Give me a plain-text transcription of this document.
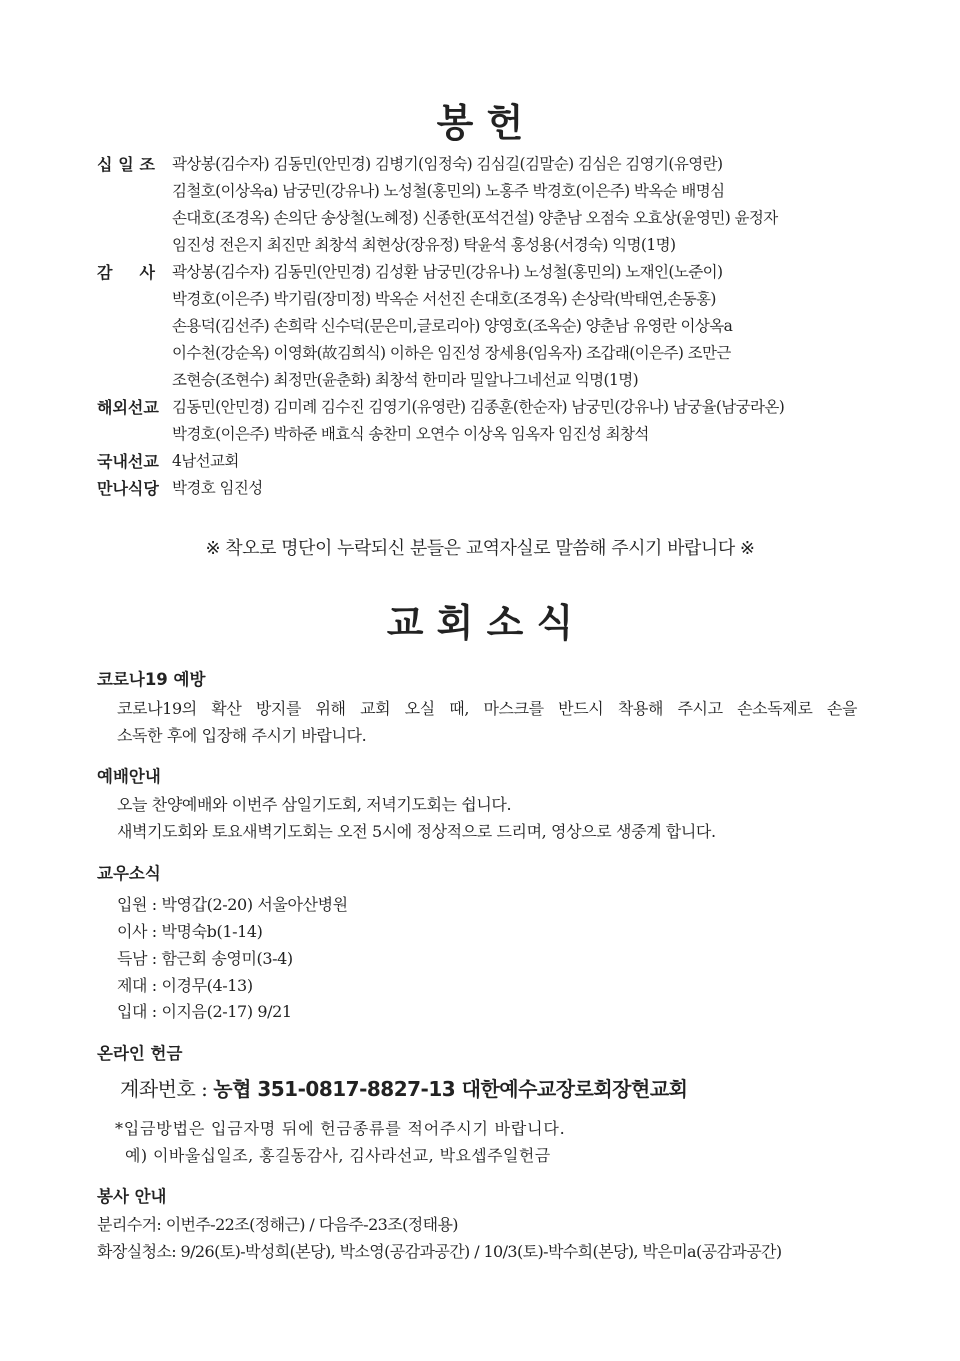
봉 헌
십 일 조 곽상봉(김수자) 김동민(안민경) 김병기(임정숙) 김심길(김말순) 김심은 김영기(유영란)
김철호(이상옥a) 남궁민(강유나) 노성철(홍민의) 노홍주 박경호(이은주) 박옥순 배명심
손대호(조경옥) 손의단 송상철(노혜정) 신종한(포석건설) 양춘남 오점숙 오효상(윤영민) 윤정자
임진성 전은지 최진만 최창석 최현상(장유정) 탁윤석 홍성용(서경숙) 익명(1명)
감 사 곽상봉(김수자) 김동민(안민경) 김성환 남궁민(강유나) 노성철(홍민의) 노재인(노준이)
박경호(이은주) 박기림(장미정) 박옥순 서선진 손대호(조경옥) 손상락(박태연,손동홍)
손용덕(김선주) 손희락 신수덕(문은미,글로리아) 양영호(조옥순) 양춘남 유영란 이상옥a
이수천(강순옥) 이영화(故김희식) 이하은 임진성 장세용(임옥자) 조갑래(이은주) 조만근
조현승(조현수) 최정만(윤춘화) 최창석 한미라 밀알나그네선교 익명(1명)
해외선교 김동민(안민경) 김미례 김수진 김영기(유영란) 김종훈(한순자) 남궁민(강유나) 남궁율(남궁라온)
박경호(이은주) 박하준 배효식 송찬미 오연수 이상옥 임옥자 임진성 최창석
국내선교 4남선교회
만나식당 박경호 임진성
※ 착오로 명단이 누락되신 분들은 교역자실로 말씀해 주시기 바랍니다 ※
교 회 소 식
코로나19 예방
코로나19의 확산 방지를 위해 교회 오실 때, 마스크를 반드시 착용해 주시고 손소독제로 손을
소독한 후에 입장해 주시기 바랍니다.
예배안내
오늘 찬양예배와 이번주 삼일기도회, 저녁기도회는 쉽니다.
새벽기도회와 토요새벽기도회는 오전 5시에 정상적으로 드리며, 영상으로 생중계 합니다.
교우소식
입원 : 박영갑(2-20) 서울아산병원
이사 : 박명숙b(1-14)
득남 : 함근회 송영미(3-4)
제대 : 이경무(4-13)
입대 : 이지음(2-17) 9/21
온라인 헌금
계좌번호 : 농협 351-0817-8827-13 대한예수교장로회장현교회
*입금방법은 입금자명 뒤에 헌금종류를 적어주시기 바랍니다.
예) 이바울십일조, 홍길동감사, 김사라선교, 박요셉주일헌금
봉사 안내
분리수거: 이번주-22조(정해근) / 다음주-23조(정태용)
화장실청소: 9/26(토)-박성희(본당), 박소영(공감과공간) / 10/3(토)-박수희(본당), 박은미a(공감과공간)
